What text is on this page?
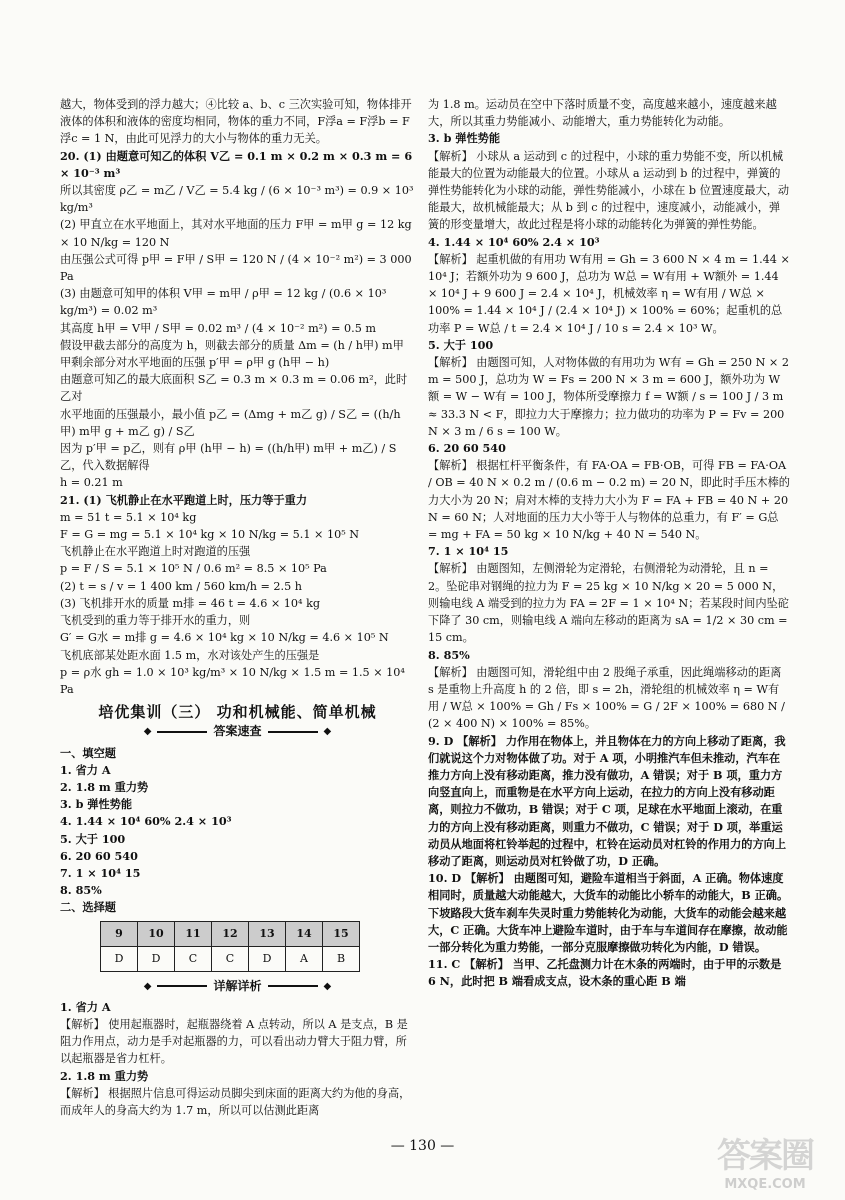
越大，物体受到的浮力越大；④比较 a、b、c 三次实验可知，物体排开液体的体积和液体的密度均相同，物体的重力不同，F浮a = F浮b = F浮c = 1 N，由此可见浮力的大小与物体的重力无关。

20. (1) 由题意可知乙的体积 V乙 = 0.1 m × 0.2 m × 0.3 m = 6 × 10⁻³ m³

所以其密度 ρ乙 = m乙 / V乙 = 5.4 kg / (6 × 10⁻³ m³) = 0.9 × 10³ kg/m³

(2) 甲直立在水平地面上，其对水平地面的压力 F甲 = m甲 g = 12 kg × 10 N/kg = 120 N

由压强公式可得 p甲 = F甲 / S甲 = 120 N / (4 × 10⁻² m²) = 3 000 Pa

(3) 由题意可知甲的体积 V甲 = m甲 / ρ甲 = 12 kg / (0.6 × 10³ kg/m³) = 0.02 m³

其高度 h甲 = V甲 / S甲 = 0.02 m³ / (4 × 10⁻² m²) = 0.5 m

假设甲截去部分的高度为 h，则截去部分的质量 Δm = (h / h甲) m甲

甲剩余部分对水平地面的压强 p′甲 = ρ甲 g (h甲 − h)

由题意可知乙的最大底面积 S乙 = 0.3 m × 0.3 m = 0.06 m²，此时乙对

水平地面的压强最小，最小值 p乙 = (Δmg + m乙 g) / S乙 = ((h/h甲) m甲 g + m乙 g) / S乙

因为 p′甲 = p乙，则有 ρ甲 (h甲 − h) = ((h/h甲) m甲 + m乙) / S乙，代入数据解得

h = 0.21 m

21. (1) 飞机静止在水平跑道上时，压力等于重力

m = 51 t = 5.1 × 10⁴ kg

F = G = mg = 5.1 × 10⁴ kg × 10 N/kg = 5.1 × 10⁵ N

飞机静止在水平跑道上时对跑道的压强

p = F / S = 5.1 × 10⁵ N / 0.6 m² = 8.5 × 10⁵ Pa

(2) t = s / v = 1 400 km / 560 km/h = 2.5 h

(3) 飞机排开水的质量 m排 = 46 t = 4.6 × 10⁴ kg

飞机受到的重力等于排开水的重力，则

G′ = G水 = m排 g = 4.6 × 10⁴ kg × 10 N/kg = 4.6 × 10⁵ N

飞机底部某处距水面 1.5 m，水对该处产生的压强是

p = ρ水 gh = 1.0 × 10³ kg/m³ × 10 N/kg × 1.5 m = 1.5 × 10⁴ Pa

培优集训（三） 功和机械能、简单机械
◆	答案速查	◆
一、填空题

1. 省力 A

2. 1.8 m 重力势

3. b 弹性势能

4. 1.44 × 10⁴ 60% 2.4 × 10³

5. 大于 100

6. 20 60 540

7. 1 × 10⁴ 15

8. 85%

二、选择题
9	10	11	12	13	14	15
D	D	C	C	D	A	B
◆	详解详析	◆

1. 省力 A

【解析】 使用起瓶器时，起瓶器绕着 A 点转动，所以 A 是支点，B 是阻力作用点，动力是手对起瓶器的力，可以看出动力臂大于阻力臂，所以起瓶器是省力杠杆。

2. 1.8 m 重力势

【解析】 根据照片信息可得运动员脚尖到床面的距离大约为他的身高，而成年人的身高大约为 1.7 m，所以可以估测此距离

为 1.8 m。运动员在空中下落时质量不变，高度越来越小，速度越来越大，所以其重力势能减小、动能增大，重力势能转化为动能。

3. b 弹性势能

【解析】 小球从 a 运动到 c 的过程中，小球的重力势能不变，所以机械能最大的位置为动能最大的位置。小球从 a 运动到 b 的过程中，弹簧的弹性势能转化为小球的动能，弹性势能减小，小球在 b 位置速度最大，动能最大，故机械能最大；从 b 到 c 的过程中，速度减小，动能减小，弹簧的形变量增大，故此过程是将小球的动能转化为弹簧的弹性势能。

4. 1.44 × 10⁴ 60% 2.4 × 10³

【解析】 起重机做的有用功 W有用 = Gh = 3 600 N × 4 m = 1.44 × 10⁴ J；若额外功为 9 600 J，总功为 W总 = W有用 + W额外 = 1.44 × 10⁴ J + 9 600 J = 2.4 × 10⁴ J，机械效率 η = W有用 / W总 × 100% = 1.44 × 10⁴ J / (2.4 × 10⁴ J) × 100% = 60%；起重机的总功率 P = W总 / t = 2.4 × 10⁴ J / 10 s = 2.4 × 10³ W。

5. 大于 100

【解析】 由题图可知，人对物体做的有用功为 W有 = Gh = 250 N × 2 m = 500 J，总功为 W = Fs = 200 N × 3 m = 600 J，额外功为 W额 = W − W有 = 100 J，物体所受摩擦力 f = W额 / s = 100 J / 3 m ≈ 33.3 N < F，即拉力大于摩擦力；拉力做功的功率为 P = Fv = 200 N × 3 m / 6 s = 100 W。

6. 20 60 540

【解析】 根据杠杆平衡条件，有 FA·OA = FB·OB，可得 FB = FA·OA / OB = 40 N × 0.2 m / (0.6 m − 0.2 m) = 20 N，即此时手压木棒的力大小为 20 N；肩对木棒的支持力大小为 F = FA + FB = 40 N + 20 N = 60 N；人对地面的压力大小等于人与物体的总重力，有 F′ = G总 = mg + FA = 50 kg × 10 N/kg + 40 N = 540 N。

7. 1 × 10⁴ 15

【解析】 由题图知，左侧滑轮为定滑轮，右侧滑轮为动滑轮，且 n = 2。坠砣串对钢绳的拉力为 F = 25 kg × 10 N/kg × 20 = 5 000 N，则输电线 A 端受到的拉力为 FA = 2F = 1 × 10⁴ N；若某段时间内坠砣下降了 30 cm，则输电线 A 端向左移动的距离为 sA = 1/2 × 30 cm = 15 cm。

8. 85%

【解析】 由题图可知，滑轮组中由 2 股绳子承重，因此绳端移动的距离 s 是重物上升高度 h 的 2 倍，即 s = 2h，滑轮组的机械效率 η = W有用 / W总 × 100% = Gh / Fs × 100% = G / 2F × 100% = 680 N / (2 × 400 N) × 100% = 85%。

9. D 【解析】 力作用在物体上，并且物体在力的方向上移动了距离，我们就说这个力对物体做了功。对于 A 项，小明推汽车但未推动，汽车在推力方向上没有移动距离，推力没有做功，A 错误；对于 B 项，重力方向竖直向上，而重物是在水平方向上运动，在拉力的方向上没有移动距离，则拉力不做功，B 错误；对于 C 项，足球在水平地面上滚动，在重力的方向上没有移动距离，则重力不做功，C 错误；对于 D 项，举重运动员从地面将杠铃举起的过程中，杠铃在运动员对杠铃的作用力的方向上移动了距离，则运动员对杠铃做了功，D 正确。

10. D 【解析】 由题图可知，避险车道相当于斜面，A 正确。物体速度相同时，质量越大动能越大，大货车的动能比小轿车的动能大，B 正确。下坡路段大货车刹车失灵时重力势能转化为动能，大货车的动能会越来越大，C 正确。大货车冲上避险车道时，由于车与车道间存在摩擦，故动能一部分转化为重力势能，一部分克服摩擦做功转化为内能，D 错误。

11. C 【解析】 当甲、乙托盘测力计在木条的两端时，由于甲的示数是 6 N，此时把 B 端看成支点，设木条的重心距 B 端

— 130 —	答案圈
MXQE.COM
